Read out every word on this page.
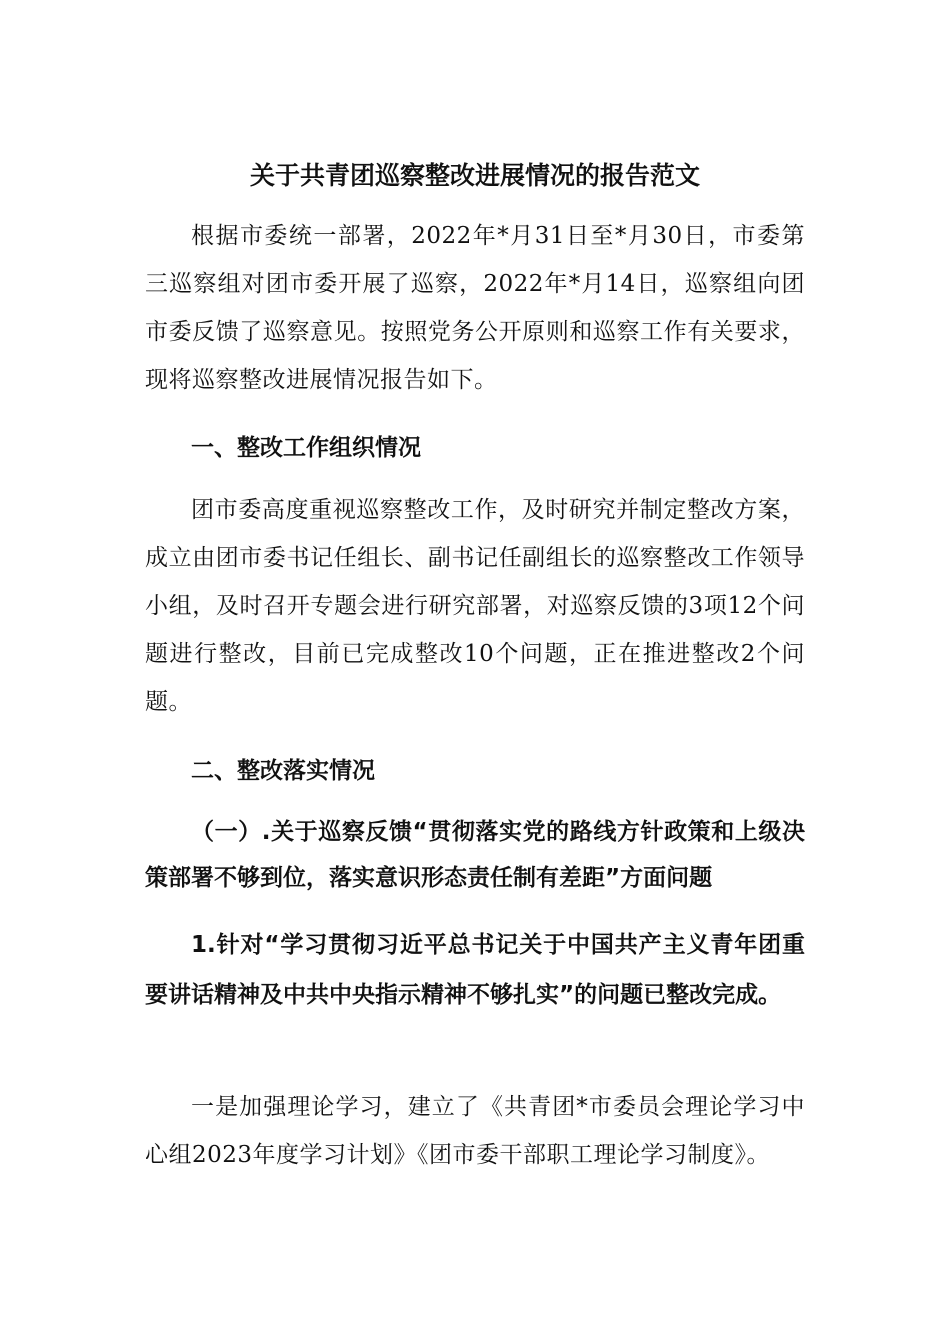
关于共青团巡察整改进展情况的报告范文

根据市委统一部署，2022年*月31日至*月30日，市委第三巡察组对团市委开展了巡察，2022年*月14日，巡察组向团市委反馈了巡察意见。按照党务公开原则和巡察工作有关要求，现将巡察整改进展情况报告如下。

一、整改工作组织情况

团市委高度重视巡察整改工作，及时研究并制定整改方案，成立由团市委书记任组长、副书记任副组长的巡察整改工作领导小组，及时召开专题会进行研究部署，对巡察反馈的3项12个问题进行整改，目前已完成整改10个问题，正在推进整改2个问题。

二、整改落实情况

（一）.关于巡察反馈“贯彻落实党的路线方针政策和上级决策部署不够到位，落实意识形态责任制有差距”方面问题

1.针对“学习贯彻习近平总书记关于中国共产主义青年团重要讲话精神及中共中央指示精神不够扎实”的问题已整改完成。

一是加强理论学习，建立了《共青团*市委员会理论学习中心组2023年度学习计划》《团市委干部职工理论学习制度》。
